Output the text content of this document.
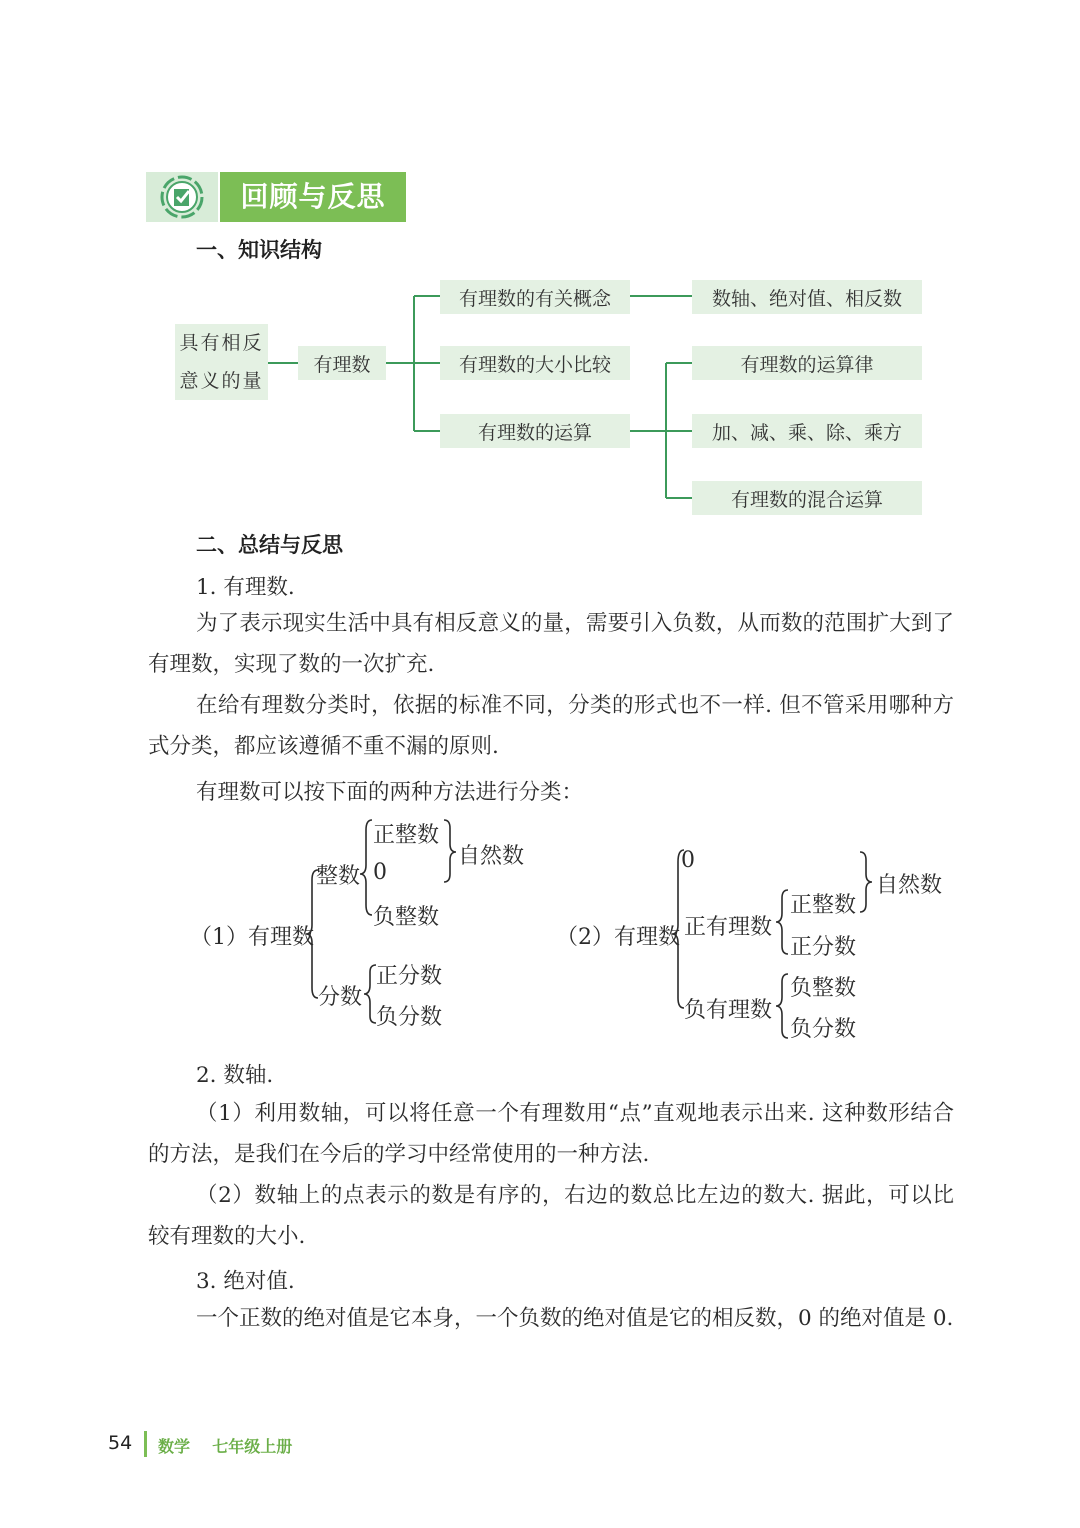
回顾与反思
一、知识结构
具有相反意义的量
有理数
有理数的有关概念
有理数的大小比较
有理数的运算
数轴、绝对值、相反数
有理数的运算律
加、减、乘、除、乘方
有理数的混合运算
二、总结与反思
1. 有理数.
为了表示现实生活中具有相反意义的量，需要引入负数，从而数的范围扩大到了有理数，实现了数的一次扩充.
在给有理数分类时，依据的标准不同，分类的形式也不一样. 但不管采用哪种方式分类，都应该遵循不重不漏的原则.
有理数可以按下面的两种方法进行分类：
（1）有理数
整数
正整数
0
负整数
自然数
分数
正分数
负分数
（2）有理数
0
自然数
正有理数
正整数
正分数
负有理数
负整数
负分数
2. 数轴.
（1）利用数轴，可以将任意一个有理数用“点”直观地表示出来. 这种数形结合的方法，是我们在今后的学习中经常使用的一种方法.
（2）数轴上的点表示的数是有序的，右边的数总比左边的数大. 据此，可以比较有理数的大小.
3. 绝对值.
一个正数的绝对值是它本身，一个负数的绝对值是它的相反数，0 的绝对值是 0.
54 数学    七年级上册
